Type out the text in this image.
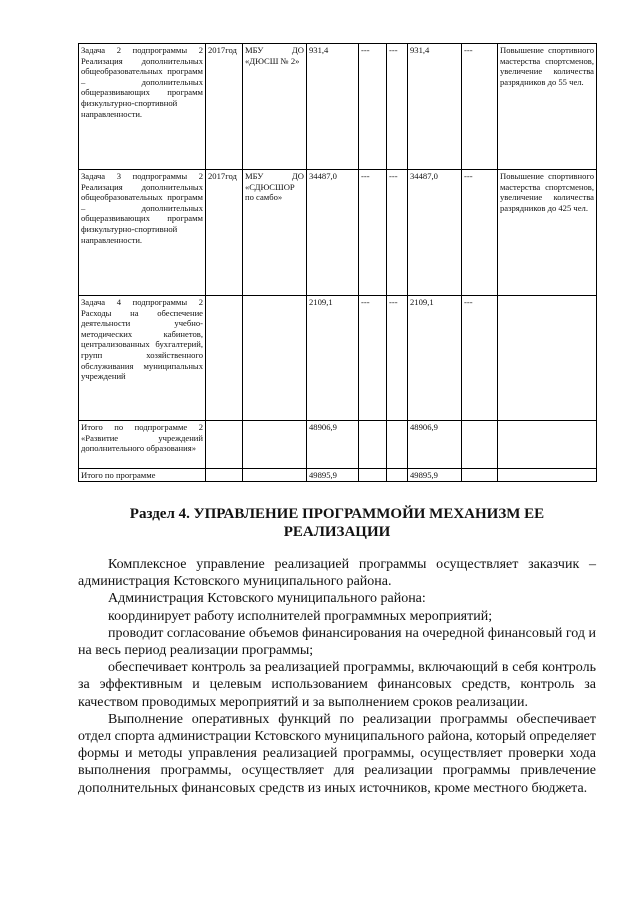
Задача 2 подпрограммы 2 Реализация дополнительных общеобразовательных программ – дополнительных общеразвивающих программ физкультурно-спортивной направленности.	2017год	МБУ ДО «ДЮСШ № 2»	931,4	---	---	931,4	---	Повышение спортивного мастерства спортсменов, увеличение количества разрядников до 55 чел.
Задача 3 подпрограммы 2 Реализация дополнительных общеобразовательных программ – дополнительных общеразвивающих программ физкультурно-спортивной направленности.	2017год	МБУ ДО «СДЮСШОР по самбо»	34487,0	---	---	34487,0	---	Повышение спортивного мастерства спортсменов, увеличение количества разрядников до 425 чел.
Задача 4 подпрограммы 2 Расходы на обеспечение деятельности учебно-методических кабинетов, централизованных бухгалтерий, групп хозяйственного обслуживания муниципальных учреждений			2109,1	---	---	2109,1	---	
Итого по подпрограмме 2 «Развитие учреждений дополнительного образования»			48906,9			48906,9		
Итого по программе			49895,9			49895,9		
Раздел 4. УПРАВЛЕНИЕ ПРОГРАММОЙИ МЕХАНИЗМ ЕЕ РЕАЛИЗАЦИИ

Комплексное управление реализацией программы осуществляет заказчик – администрация Кстовского муниципального района.

Администрация Кстовского муниципального района:

координирует работу исполнителей программных мероприятий;

проводит согласование объемов финансирования на очередной финансовый год и на весь период реализации программы;

обеспечивает контроль за реализацией программы, включающий в себя контроль за эффективным и целевым использованием финансовых средств, контроль за качеством проводимых мероприятий и за выполнением сроков реализации.

Выполнение оперативных функций по реализации программы обеспечивает отдел спорта администрации Кстовского муниципального района, который определяет формы и методы управления реализацией программы, осуществляет проверки хода выполнения программы, осуществляет для реализации программы привлечение дополнительных финансовых средств из иных источников, кроме местного бюджета.
